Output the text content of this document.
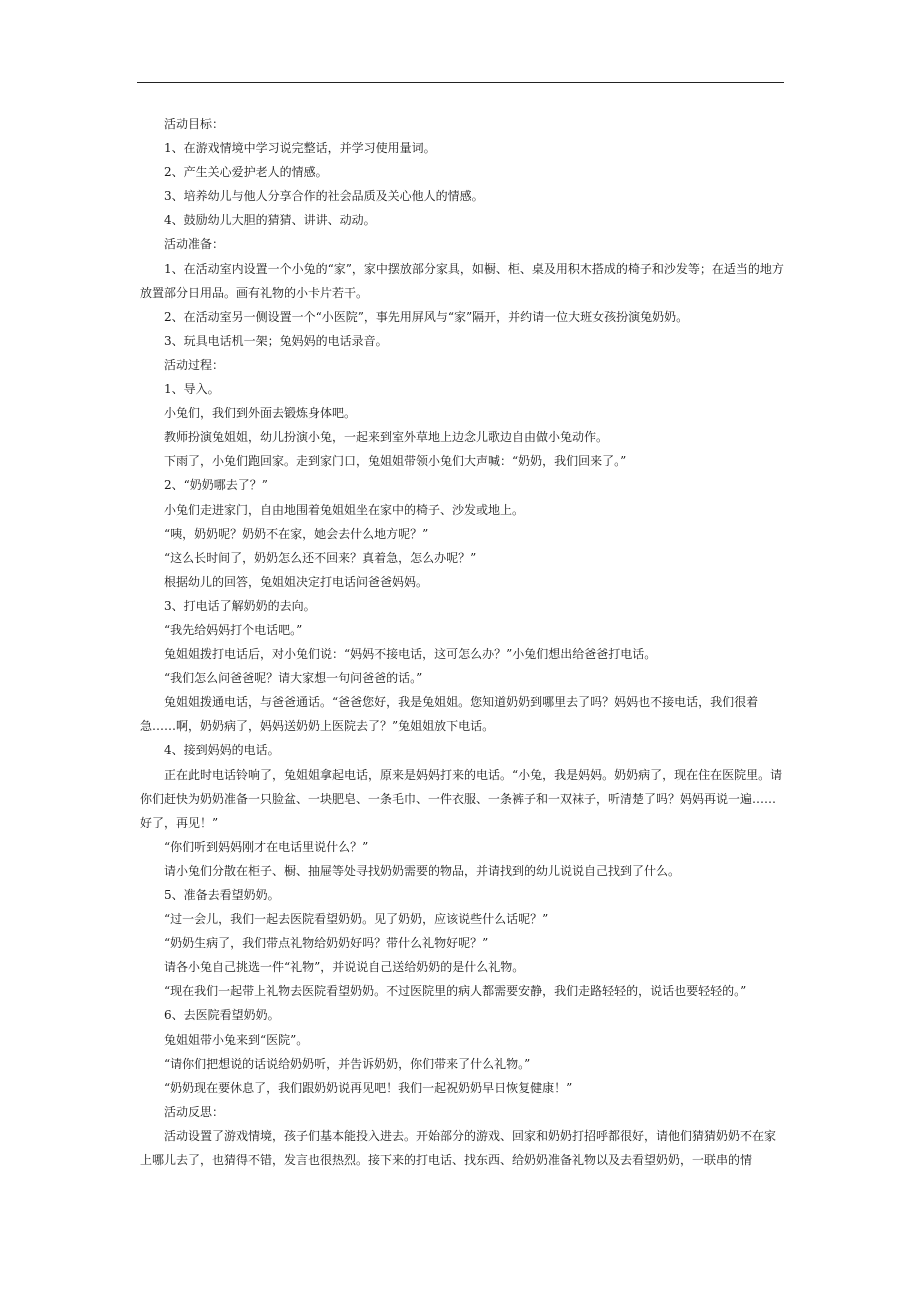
活动目标：

1、在游戏情境中学习说完整话，并学习使用量词。

2、产生关心爱护老人的情感。

3、培养幼儿与他人分享合作的社会品质及关心他人的情感。

4、鼓励幼儿大胆的猜猜、讲讲、动动。

活动准备：

1、在活动室内设置一个小兔的“家”，家中摆放部分家具，如橱、柜、桌及用积木搭成的椅子和沙发等；在适当的地方放置部分日用品。画有礼物的小卡片若干。

2、在活动室另一侧设置一个“小医院”，事先用屏风与“家”隔开，并约请一位大班女孩扮演兔奶奶。

3、玩具电话机一架；兔妈妈的电话录音。

活动过程：

1、导入。

小兔们，我们到外面去锻炼身体吧。

教师扮演兔姐姐，幼儿扮演小兔，一起来到室外草地上边念儿歌边自由做小兔动作。

下雨了，小兔们跑回家。走到家门口，兔姐姐带领小兔们大声喊：“奶奶，我们回来了。”

2、“奶奶哪去了？”

小兔们走进家门，自由地围着兔姐姐坐在家中的椅子、沙发或地上。

“咦，奶奶呢？奶奶不在家，她会去什么地方呢？”

“这么长时间了，奶奶怎么还不回来？真着急，怎么办呢？”

根据幼儿的回答，兔姐姐决定打电话问爸爸妈妈。

3、打电话了解奶奶的去向。

“我先给妈妈打个电话吧。”

兔姐姐拨打电话后，对小兔们说：“妈妈不接电话，这可怎么办？”小兔们想出给爸爸打电话。

“我们怎么问爸爸呢？请大家想一句问爸爸的话。”

兔姐姐拨通电话，与爸爸通话。“爸爸您好，我是兔姐姐。您知道奶奶到哪里去了吗？妈妈也不接电话，我们很着急……啊，奶奶病了，妈妈送奶奶上医院去了？”兔姐姐放下电话。

4、接到妈妈的电话。

正在此时电话铃响了，兔姐姐拿起电话，原来是妈妈打来的电话。“小兔，我是妈妈。奶奶病了，现在住在医院里。请你们赶快为奶奶准备一只脸盆、一块肥皂、一条毛巾、一件衣服、一条裤子和一双袜子，听清楚了吗？妈妈再说一遍……好了，再见！”

“你们听到妈妈刚才在电话里说什么？”

请小兔们分散在柜子、橱、抽屉等处寻找奶奶需要的物品，并请找到的幼儿说说自己找到了什么。

5、准备去看望奶奶。

“过一会儿，我们一起去医院看望奶奶。见了奶奶，应该说些什么话呢？”

“奶奶生病了，我们带点礼物给奶奶好吗？带什么礼物好呢？”

请各小兔自己挑选一件“礼物”，并说说自己送给奶奶的是什么礼物。

“现在我们一起带上礼物去医院看望奶奶。不过医院里的病人都需要安静，我们走路轻轻的，说话也要轻轻的。”

6、去医院看望奶奶。

兔姐姐带小兔来到“医院”。

“请你们把想说的话说给奶奶听，并告诉奶奶，你们带来了什么礼物。”

“奶奶现在要休息了，我们跟奶奶说再见吧！我们一起祝奶奶早日恢复健康！”

活动反思：

活动设置了游戏情境，孩子们基本能投入进去。开始部分的游戏、回家和奶奶打招呼都很好，请他们猜猜奶奶不在家上哪儿去了，也猜得不错，发言也很热烈。接下来的打电话、找东西、给奶奶准备礼物以及去看望奶奶，一联串的情
